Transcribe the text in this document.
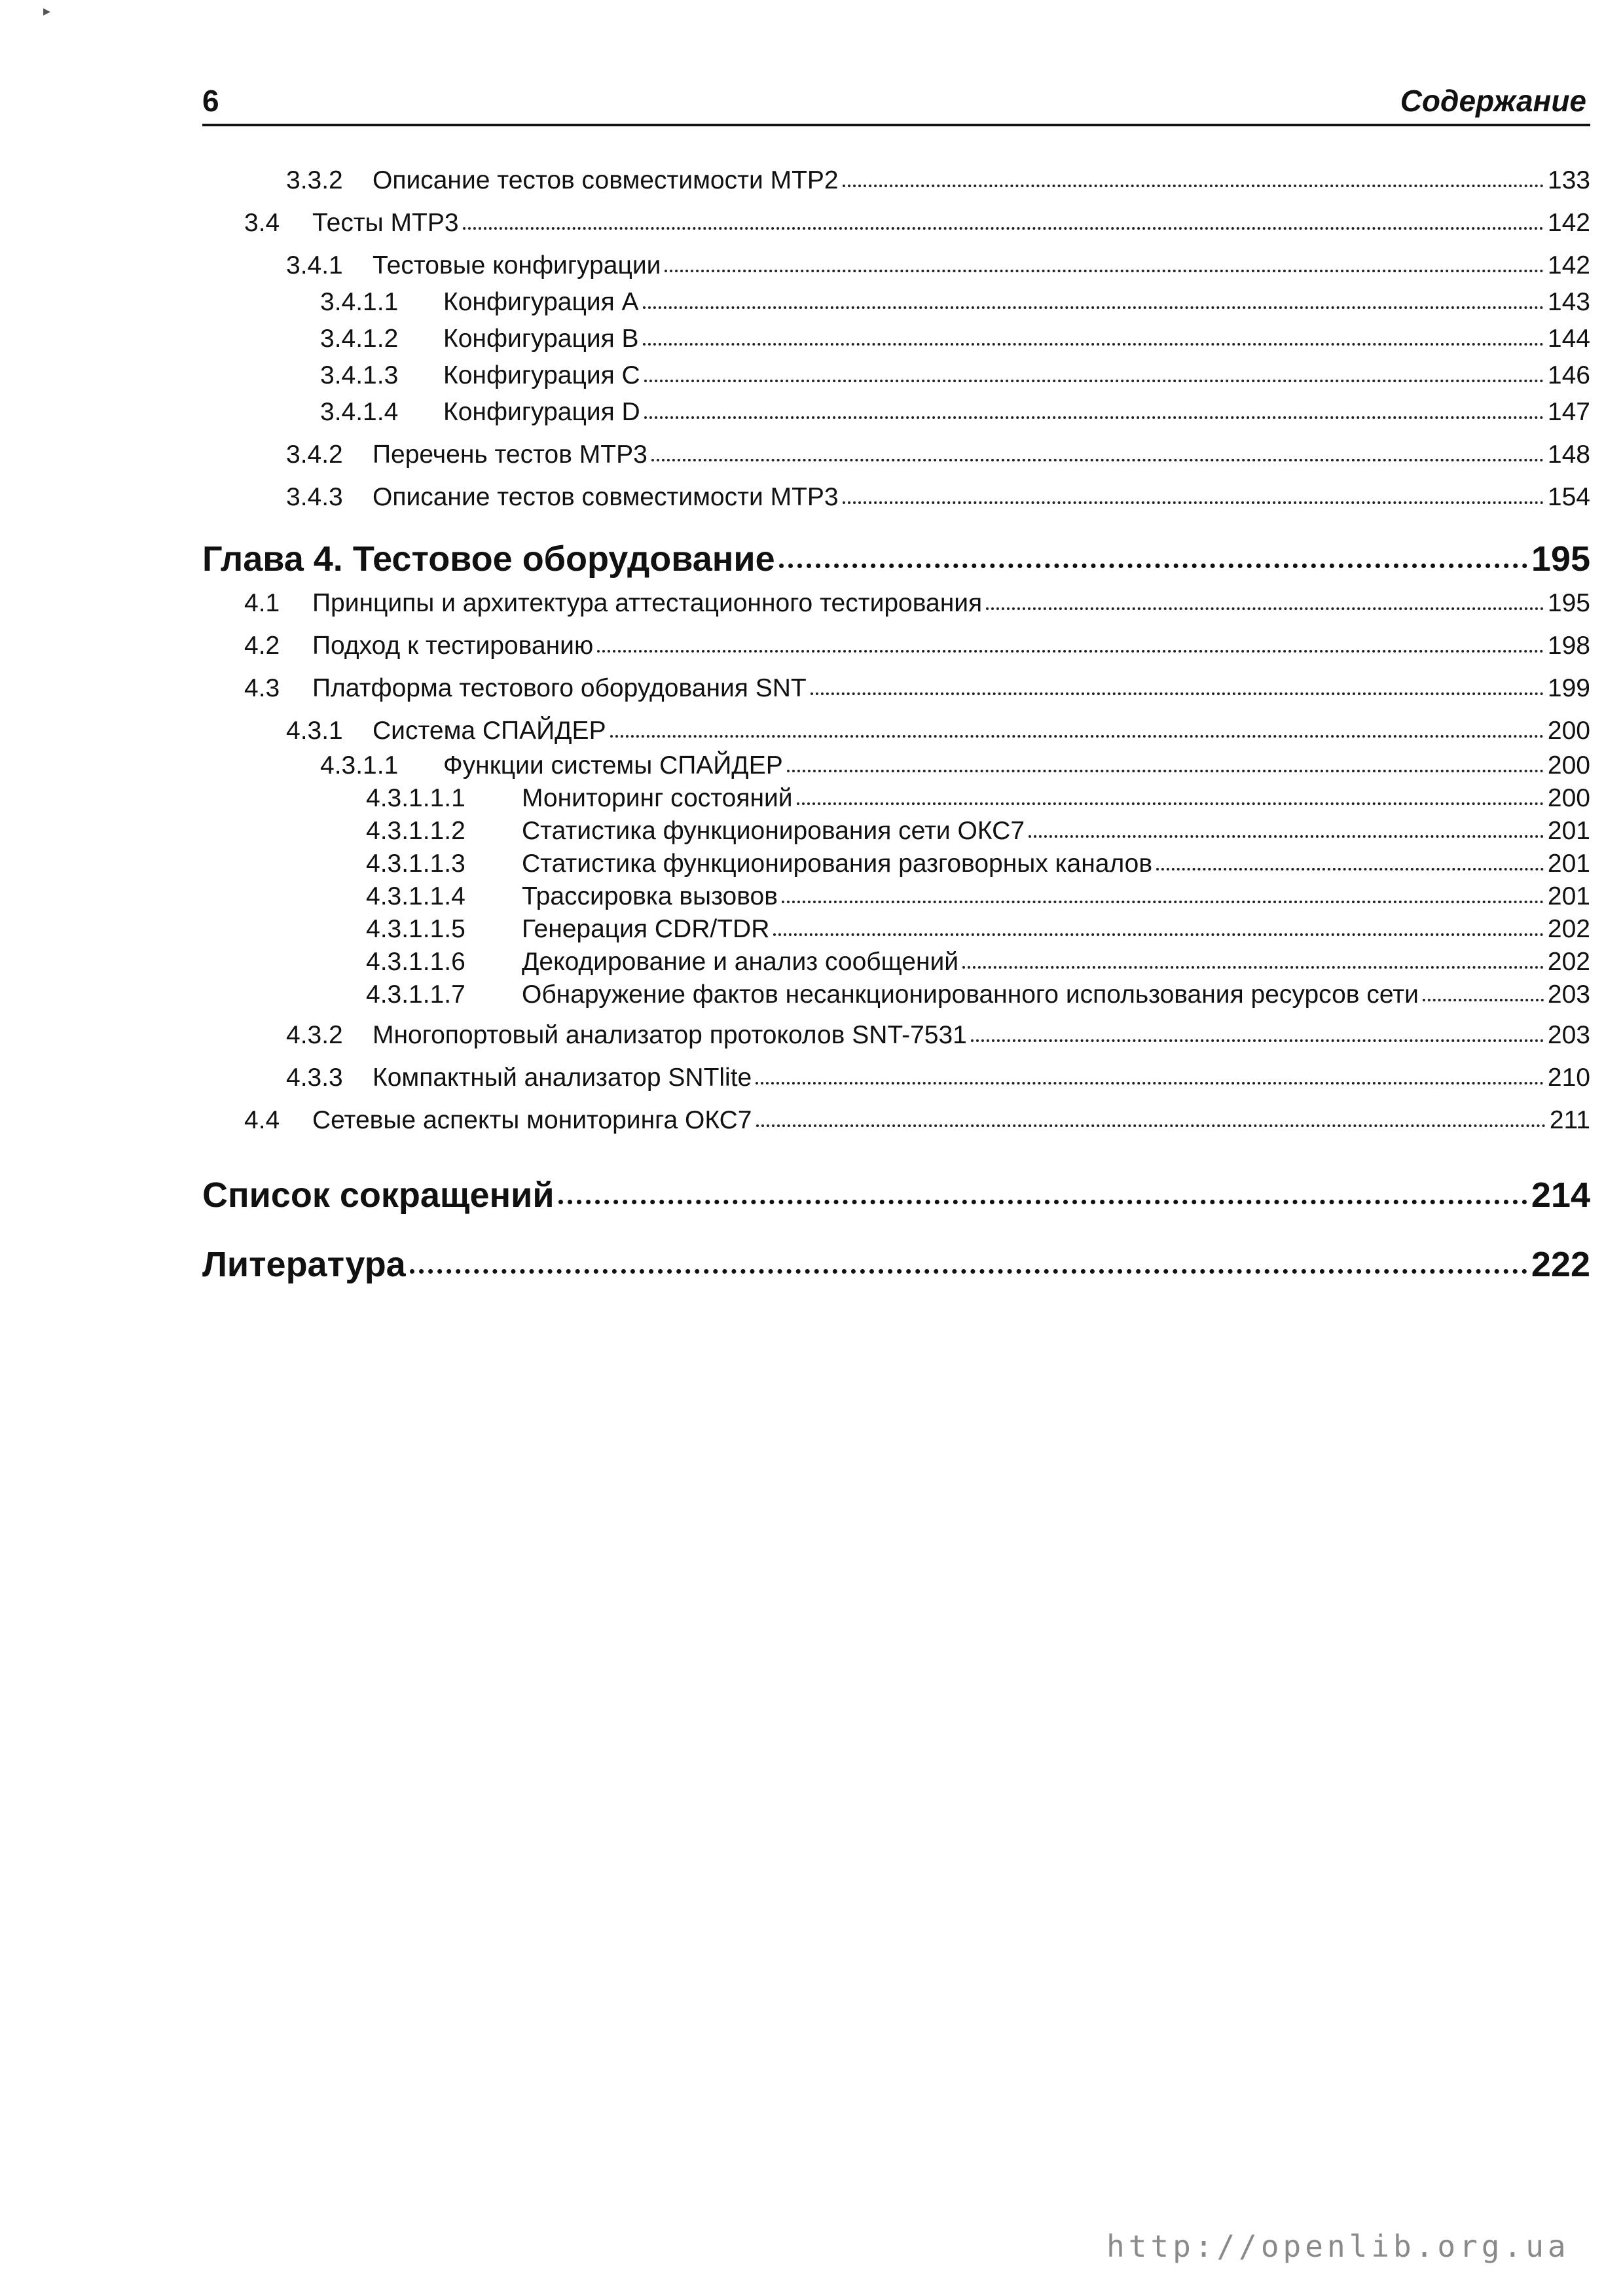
▸
6	Содержание
3.3.2	Описание тестов совместимости МТР2	133
3.4	Тесты МТР3	142
3.4.1	Тестовые конфигурации	142
3.4.1.1	Конфигурация А	143
3.4.1.2	Конфигурация В	144
3.4.1.3	Конфигурация С	146
3.4.1.4	Конфигурация D	147
3.4.2	Перечень тестов МТР3	148
3.4.3	Описание тестов совместимости МТР3	154
Глава 4. Тестовое оборудование	195
4.1	Принципы и архитектура аттестационного тестирования	195
4.2	Подход к тестированию	198
4.3	Платформа тестового оборудования SNT	199
4.3.1	Система СПАЙДЕР	200
4.3.1.1	Функции системы СПАЙДЕР	200
4.3.1.1.1	Мониторинг состояний	200
4.3.1.1.2	Статистика функционирования сети ОКС7	201
4.3.1.1.3	Статистика функционирования разговорных каналов	201
4.3.1.1.4	Трассировка вызовов	201
4.3.1.1.5	Генерация CDR/TDR	202
4.3.1.1.6	Декодирование и анализ сообщений	202
4.3.1.1.7	Обнаружение фактов несанкционированного использования ресурсов сети	203
4.3.2	Многопортовый анализатор протоколов SNT-7531	203
4.3.3	Компактный анализатор SNTlite	210
4.4	Сетевые аспекты мониторинга ОКС7	211
Список сокращений	214
Литература	222
http://openlib.org.ua
